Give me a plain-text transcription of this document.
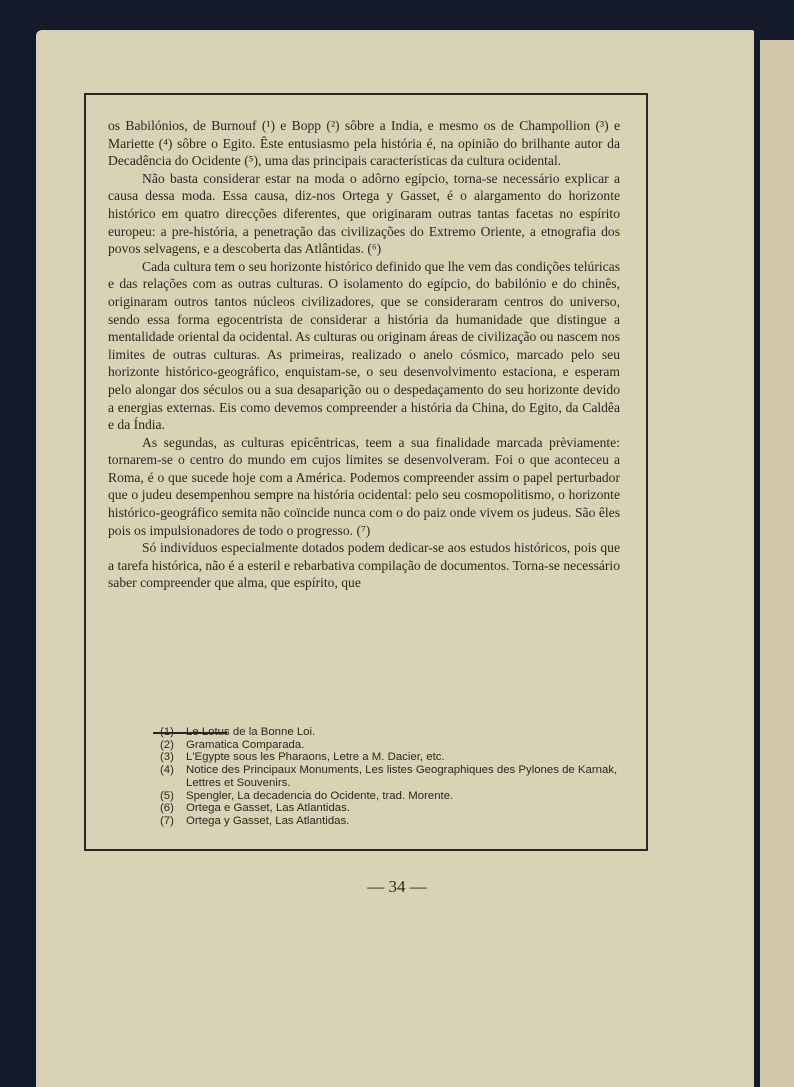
os Babilónios, de Burnouf (¹) e Bopp (²) sôbre a India, e mesmo os de Champollion (³) e Mariette (⁴) sôbre o Egito. Êste entusiasmo pela história é, na opinião do brilhante autor da Decadência do Ocidente (⁵), uma das principais características da cultura ocidental.

Não basta considerar estar na moda o adôrno egípcio, torna-se necessário explicar a causa dessa moda. Essa causa, diz-nos Ortega y Gasset, é o alargamento do horizonte histórico em quatro direcções diferentes, que originaram outras tantas facetas no espírito europeu: a pre-história, a penetração das civilizações do Extremo Oriente, a etnografia dos povos selvagens, e a descoberta das Atlântidas. (⁶)

Cada cultura tem o seu horizonte histórico definido que lhe vem das condições telúricas e das relações com as outras culturas. O isolamento do egípcio, do babilónio e do chinês, originaram outros tantos núcleos civilizadores, que se consideraram centros do universo, sendo essa forma egocentrista de considerar a história da humanidade que distingue a mentalidade oriental da ocidental. As culturas ou originam áreas de civilização ou nascem nos limites de outras culturas. As primeiras, realizado o anelo cósmico, marcado pelo seu horizonte histórico-geográfico, enquistam-se, o seu desenvolvimento estaciona, e esperam pelo alongar dos séculos ou a sua desaparição ou o despedaçamento do seu horizonte devido a energias externas. Eis como devemos compreender a história da China, do Egito, da Caldêa e da Índia.

As segundas, as culturas epicêntricas, teem a sua finalidade marcada prèviamente: tornarem-se o centro do mundo em cujos limites se desenvolveram. Foi o que aconteceu a Roma, é o que sucede hoje com a América. Podemos compreender assim o papel perturbador que o judeu desempenhou sempre na história ocidental: pelo seu cosmopolitismo, o horizonte histórico-geográfico semita não coïncide nunca com o do paiz onde vivem os judeus. São êles pois os impulsionadores de todo o progresso. (⁷)

Só indivíduos especialmente dotados podem dedicar-se aos estudos históricos, pois que a tarefa histórica, não é a esteril e rebarbativa compilação de documentos. Torna-se necessário saber compreender que alma, que espírito, que

(1) Le Lotus de la Bonne Loi.

(2) Gramatica Comparada.

(3) L'Egypte sous les Pharaons, Letre a M. Dacier, etc.

(4) Notice des Principaux Monuments, Les listes Geographiques des Pylones de Karnak, Lettres et Souvenirs.

(5) Spengler, La decadencia do Ocidente, trad. Morente.

(6) Ortega e Gasset, Las Atlantidas.

(7) Ortega y Gasset, Las Atlantidas.

— 34 —
